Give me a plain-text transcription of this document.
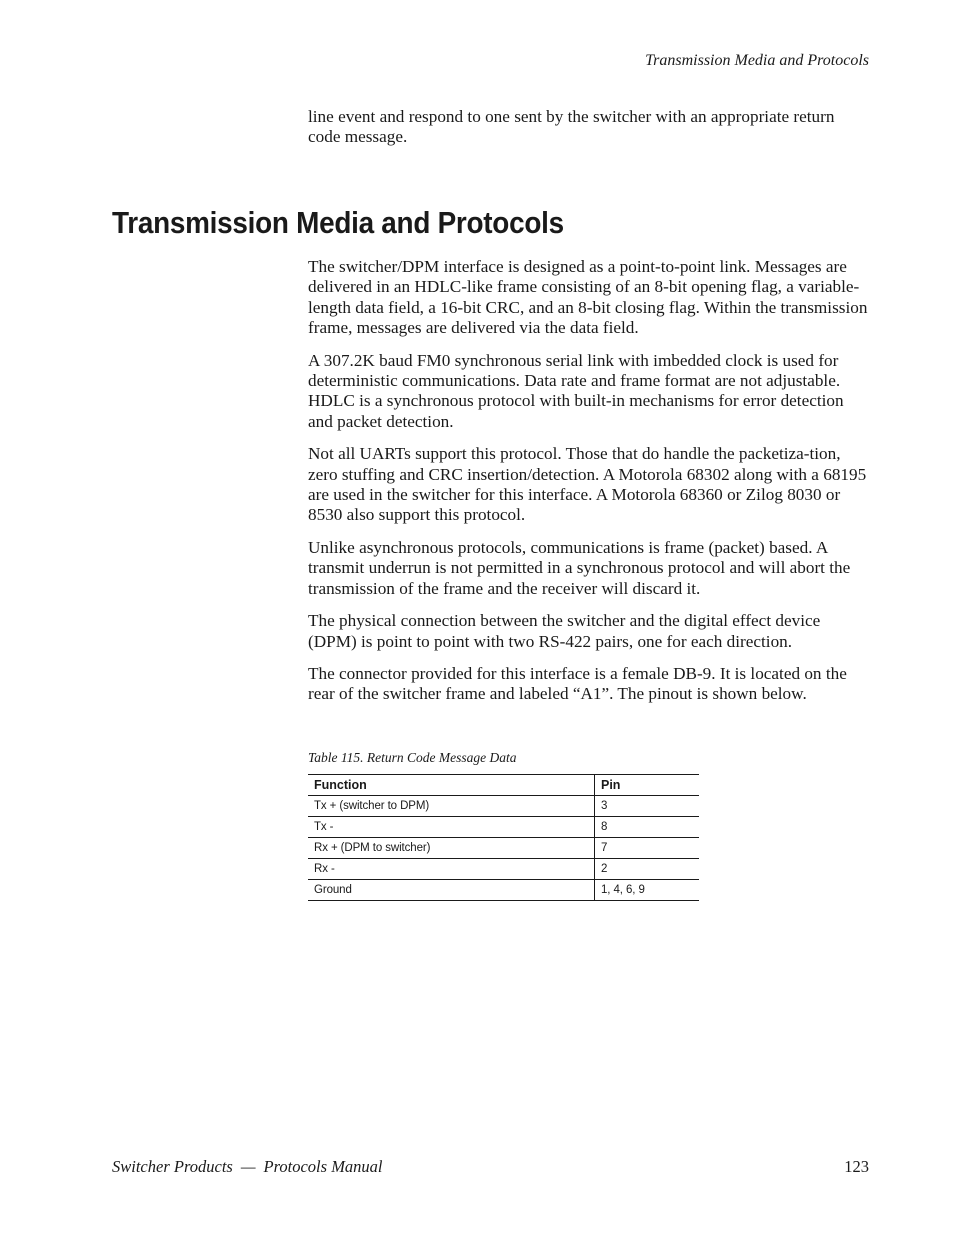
Transmission Media and Protocols

line event and respond to one sent by the switcher with an appropriate return code message.

Transmission Media and Protocols

The switcher/DPM interface is designed as a point-to-point link. Messages are delivered in an HDLC-like frame consisting of an 8-bit opening flag, a variable-length data field, a 16-bit CRC, and an 8-bit closing flag. Within the transmission frame, messages are delivered via the data field.

A 307.2K baud FM0 synchronous serial link with imbedded clock is used for deterministic communications. Data rate and frame format are not adjustable. HDLC is a synchronous protocol with built-in mechanisms for error detection and packet detection.

Not all UARTs support this protocol. Those that do handle the packetiza-tion, zero stuffing and CRC insertion/detection. A Motorola 68302 along with a 68195 are used in the switcher for this interface. A Motorola 68360 or Zilog 8030 or 8530 also support this protocol.

Unlike asynchronous protocols, communications is frame (packet) based. A transmit underrun is not permitted in a synchronous protocol and will abort the transmission of the frame and the receiver will discard it.

The physical connection between the switcher and the digital effect device (DPM) is point to point with two RS-422 pairs, one for each direction.

The connector provided for this interface is a female DB-9. It is located on the rear of the switcher frame and labeled “A1”. The pinout is shown below.

Table 115. Return Code Message Data
Function	Pin
Tx + (switcher to DPM)	3
Tx -	8
Rx + (DPM to switcher)	7
Rx -	2
Ground	1, 4, 6, 9
Switcher Products — Protocols Manual	123
